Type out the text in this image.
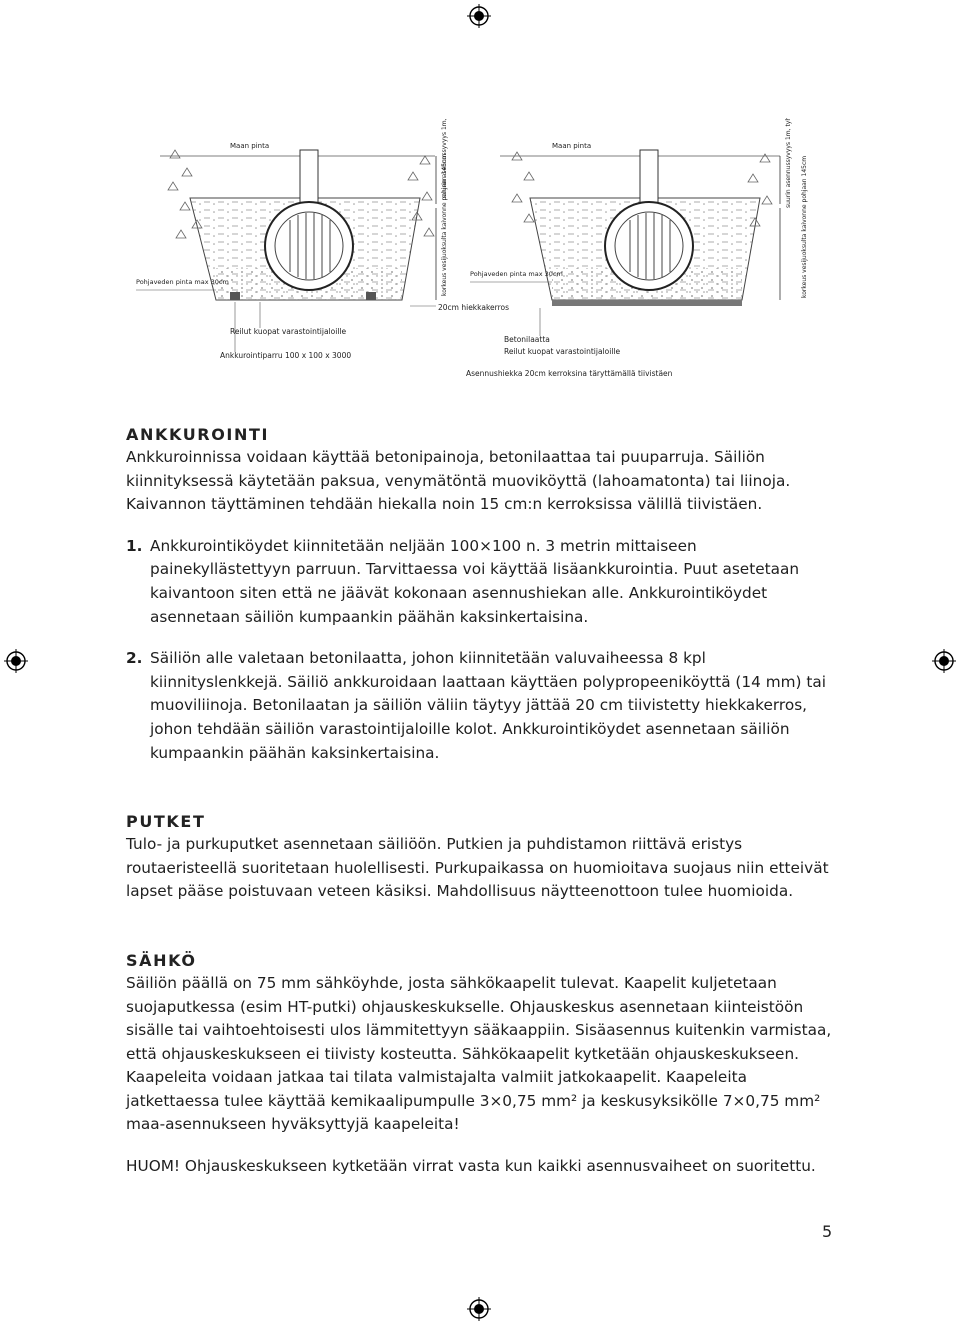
Maan pinta
korkeus vesijuoksulta kaivonne pohjaan 145cm
Pohjaveden pinta max 30cm
Reilut kuopat varastointijaloille
Ankkurointiparru 100 x 100 x 3000
20cm hiekkakerros
Maan pinta
korkeus vesijuoksulta kaivonne pohjaan 145cm
Pohjaveden pinta max 30cm
Betonilaatta
Reilut kuopat varastointijaloille
Asennushiekka 20cm kerroksina täryttämällä tiivistäen
ANKKUROINTI

Ankkuroinnissa voidaan käyttää betonipainoja, betonilaattaa tai puuparruja. Säiliön kiinnityksessä käytetään paksua, venymätöntä muoviköyttä (lahoamatonta) tai liinoja. Kaivannon täyttäminen tehdään hiekalla noin 15 cm:n kerroksissa välillä tiivistäen.

1. Ankkurointiköydet kiinnitetään neljään 100×100 n. 3 metrin mittaiseen painekyllästettyyn parruun. Tarvittaessa voi käyttää lisäankkurointia. Puut asetetaan kaivantoon siten että ne jäävät kokonaan asennushiekan alle. Ankkurointiköydet asennetaan säiliön kumpaankin päähän kaksinkertaisina.
2. Säiliön alle valetaan betonilaatta, johon kiinnitetään valuvaiheessa 8 kpl kiinnityslenkkejä. Säiliö ankkuroidaan laattaan käyttäen polypropeeniköyttä (14 mm) tai muoviliinoja. Betonilaatan ja säiliön väliin täytyy jättää 20 cm tiivistetty hiekkakerros, johon tehdään säiliön varastointijaloille kolot. Ankkurointiköydet asennetaan säiliön kumpaankin päähän kaksinkertaisina.
PUTKET

Tulo- ja purkuputket asennetaan säiliöön. Putkien ja puhdistamon riittävä eristys routaeristeellä suoritetaan huolellisesti. Purkupaikassa on huomioitava suojaus niin etteivät lapset pääse poistuvaan veteen käsiksi. Mahdollisuus näytteenottoon tulee huomioida.

SÄHKÖ

Säiliön päällä on 75 mm sähköyhde, josta sähkökaapelit tulevat. Kaapelit kuljetetaan suojaputkessa (esim HT-putki) ohjauskeskukselle. Ohjauskeskus asennetaan kiinteistöön sisälle tai vaihtoehtoisesti ulos lämmitettyyn sääkaappiin. Sisäasennus kuitenkin varmistaa, että ohjauskeskukseen ei tiivisty kosteutta. Sähkökaapelit kytketään ohjauskeskukseen. Kaapeleita voidaan jatkaa tai tilata valmistajalta valmiit jatkokaapelit. Kaapeleita jatkettaessa tulee käyttää kemikaalipumpulle 3×0,75 mm² ja keskusyksikölle 7×0,75 mm² maa-asennukseen hyväksyttyjä kaapeleita!

HUOM! Ohjauskeskukseen kytketään virrat vasta kun kaikki asennusvaiheet on suoritettu.

5
